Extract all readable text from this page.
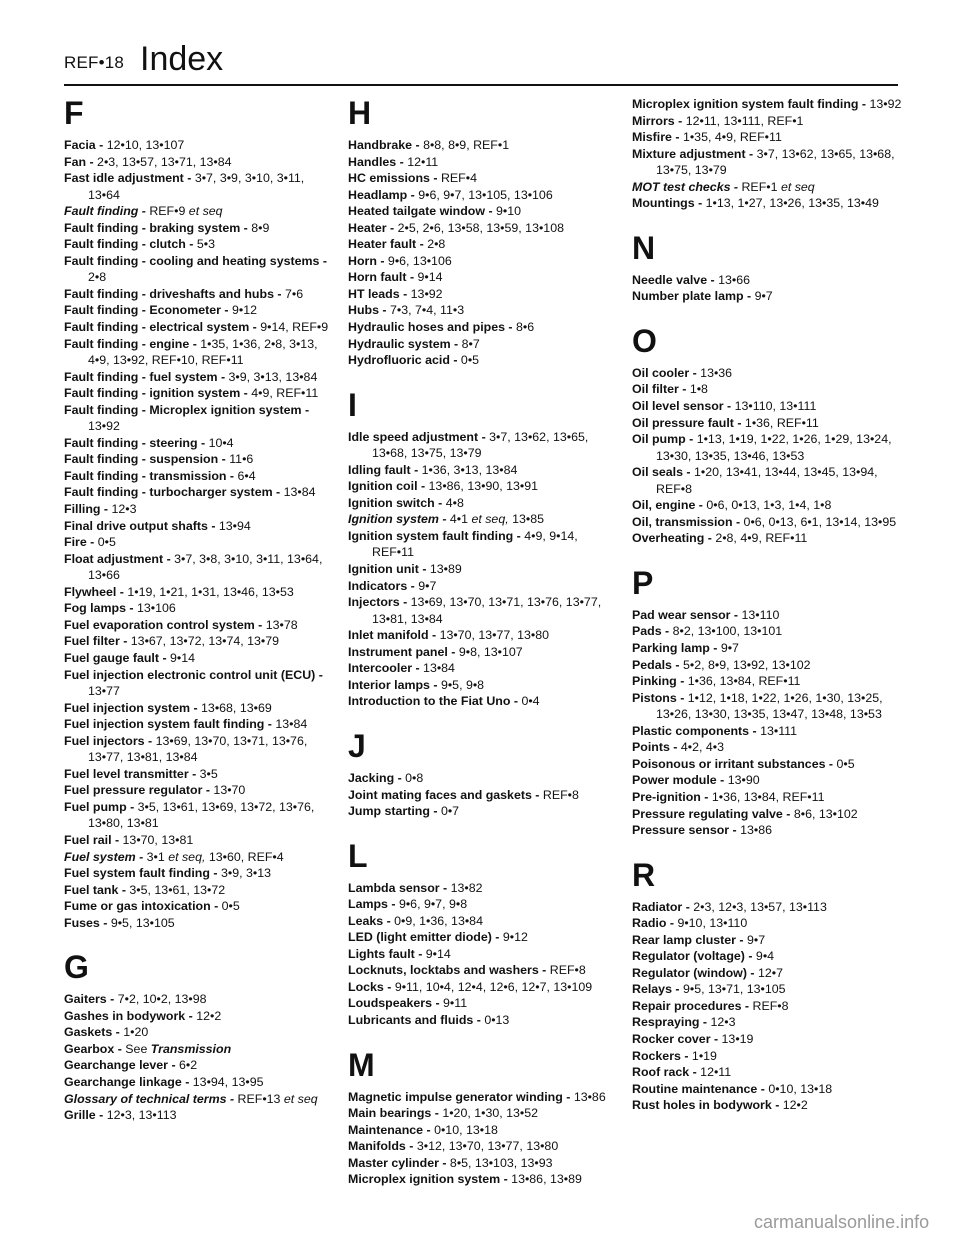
REF•18 Index
F
Facia - 12•10, 13•107
Fan - 2•3, 13•57, 13•71, 13•84
Fast idle adjustment - 3•7, 3•9, 3•10, 3•11, 13•64
Fault finding - REF•9 et seq
Fault finding - braking system - 8•9
Fault finding - clutch - 5•3
Fault finding - cooling and heating systems - 2•8
Fault finding - driveshafts and hubs - 7•6
Fault finding - Econometer - 9•12
Fault finding - electrical system - 9•14, REF•9
Fault finding - engine - 1•35, 1•36, 2•8, 3•13, 4•9, 13•92, REF•10, REF•11
Fault finding - fuel system - 3•9, 3•13, 13•84
Fault finding - ignition system - 4•9, REF•11
Fault finding - Microplex ignition system - 13•92
Fault finding - steering - 10•4
Fault finding - suspension - 11•6
Fault finding - transmission - 6•4
Fault finding - turbocharger system - 13•84
Filling - 12•3
Final drive output shafts - 13•94
Fire - 0•5
Float adjustment - 3•7, 3•8, 3•10, 3•11, 13•64, 13•66
Flywheel - 1•19, 1•21, 1•31, 13•46, 13•53
Fog lamps - 13•106
Fuel evaporation control system - 13•78
Fuel filter - 13•67, 13•72, 13•74, 13•79
Fuel gauge fault - 9•14
Fuel injection electronic control unit (ECU) - 13•77
Fuel injection system - 13•68, 13•69
Fuel injection system fault finding - 13•84
Fuel injectors - 13•69, 13•70, 13•71, 13•76, 13•77, 13•81, 13•84
Fuel level transmitter - 3•5
Fuel pressure regulator - 13•70
Fuel pump - 3•5, 13•61, 13•69, 13•72, 13•76, 13•80, 13•81
Fuel rail - 13•70, 13•81
Fuel system - 3•1 et seq, 13•60, REF•4
Fuel system fault finding - 3•9, 3•13
Fuel tank - 3•5, 13•61, 13•72
Fume or gas intoxication - 0•5
Fuses - 9•5, 13•105
G
Gaiters - 7•2, 10•2, 13•98
Gashes in bodywork - 12•2
Gaskets - 1•20
Gearbox - See Transmission
Gearchange lever - 6•2
Gearchange linkage - 13•94, 13•95
Glossary of technical terms - REF•13 et seq
Grille - 12•3, 13•113
H
Handbrake - 8•8, 8•9, REF•1
Handles - 12•11
HC emissions - REF•4
Headlamp - 9•6, 9•7, 13•105, 13•106
Heated tailgate window - 9•10
Heater - 2•5, 2•6, 13•58, 13•59, 13•108
Heater fault - 2•8
Horn - 9•6, 13•106
Horn fault - 9•14
HT leads - 13•92
Hubs - 7•3, 7•4, 11•3
Hydraulic hoses and pipes - 8•6
Hydraulic system - 8•7
Hydrofluoric acid - 0•5
I
Idle speed adjustment - 3•7, 13•62, 13•65, 13•68, 13•75, 13•79
Idling fault - 1•36, 3•13, 13•84
Ignition coil - 13•86, 13•90, 13•91
Ignition switch - 4•8
Ignition system - 4•1 et seq, 13•85
Ignition system fault finding - 4•9, 9•14, REF•11
Ignition unit - 13•89
Indicators - 9•7
Injectors - 13•69, 13•70, 13•71, 13•76, 13•77, 13•81, 13•84
Inlet manifold - 13•70, 13•77, 13•80
Instrument panel - 9•8, 13•107
Intercooler - 13•84
Interior lamps - 9•5, 9•8
Introduction to the Fiat Uno - 0•4
J
Jacking - 0•8
Joint mating faces and gaskets - REF•8
Jump starting - 0•7
L
Lambda sensor - 13•82
Lamps - 9•6, 9•7, 9•8
Leaks - 0•9, 1•36, 13•84
LED (light emitter diode) - 9•12
Lights fault - 9•14
Locknuts, locktabs and washers - REF•8
Locks - 9•11, 10•4, 12•4, 12•6, 12•7, 13•109
Loudspeakers - 9•11
Lubricants and fluids - 0•13
M
Magnetic impulse generator winding - 13•86
Main bearings - 1•20, 1•30, 13•52
Maintenance - 0•10, 13•18
Manifolds - 3•12, 13•70, 13•77, 13•80
Master cylinder - 8•5, 13•103, 13•93
Microplex ignition system - 13•86, 13•89
Microplex ignition system fault finding - 13•92
Mirrors - 12•11, 13•111, REF•1
Misfire - 1•35, 4•9, REF•11
Mixture adjustment - 3•7, 13•62, 13•65, 13•68, 13•75, 13•79
MOT test checks - REF•1 et seq
Mountings - 1•13, 1•27, 13•26, 13•35, 13•49
N
Needle valve - 13•66
Number plate lamp - 9•7
O
Oil cooler - 13•36
Oil filter - 1•8
Oil level sensor - 13•110, 13•111
Oil pressure fault - 1•36, REF•11
Oil pump - 1•13, 1•19, 1•22, 1•26, 1•29, 13•24, 13•30, 13•35, 13•46, 13•53
Oil seals - 1•20, 13•41, 13•44, 13•45, 13•94, REF•8
Oil, engine - 0•6, 0•13, 1•3, 1•4, 1•8
Oil, transmission - 0•6, 0•13, 6•1, 13•14, 13•95
Overheating - 2•8, 4•9, REF•11
P
Pad wear sensor - 13•110
Pads - 8•2, 13•100, 13•101
Parking lamp - 9•7
Pedals - 5•2, 8•9, 13•92, 13•102
Pinking - 1•36, 13•84, REF•11
Pistons - 1•12, 1•18, 1•22, 1•26, 1•30, 13•25, 13•26, 13•30, 13•35, 13•47, 13•48, 13•53
Plastic components - 13•111
Points - 4•2, 4•3
Poisonous or irritant substances - 0•5
Power module - 13•90
Pre-ignition - 1•36, 13•84, REF•11
Pressure regulating valve - 8•6, 13•102
Pressure sensor - 13•86
R
Radiator - 2•3, 12•3, 13•57, 13•113
Radio - 9•10, 13•110
Rear lamp cluster - 9•7
Regulator (voltage) - 9•4
Regulator (window) - 12•7
Relays - 9•5, 13•71, 13•105
Repair procedures - REF•8
Respraying - 12•3
Rocker cover - 13•19
Rockers - 1•19
Roof rack - 12•11
Routine maintenance - 0•10, 13•18
Rust holes in bodywork - 12•2
carmanualsonline.info
